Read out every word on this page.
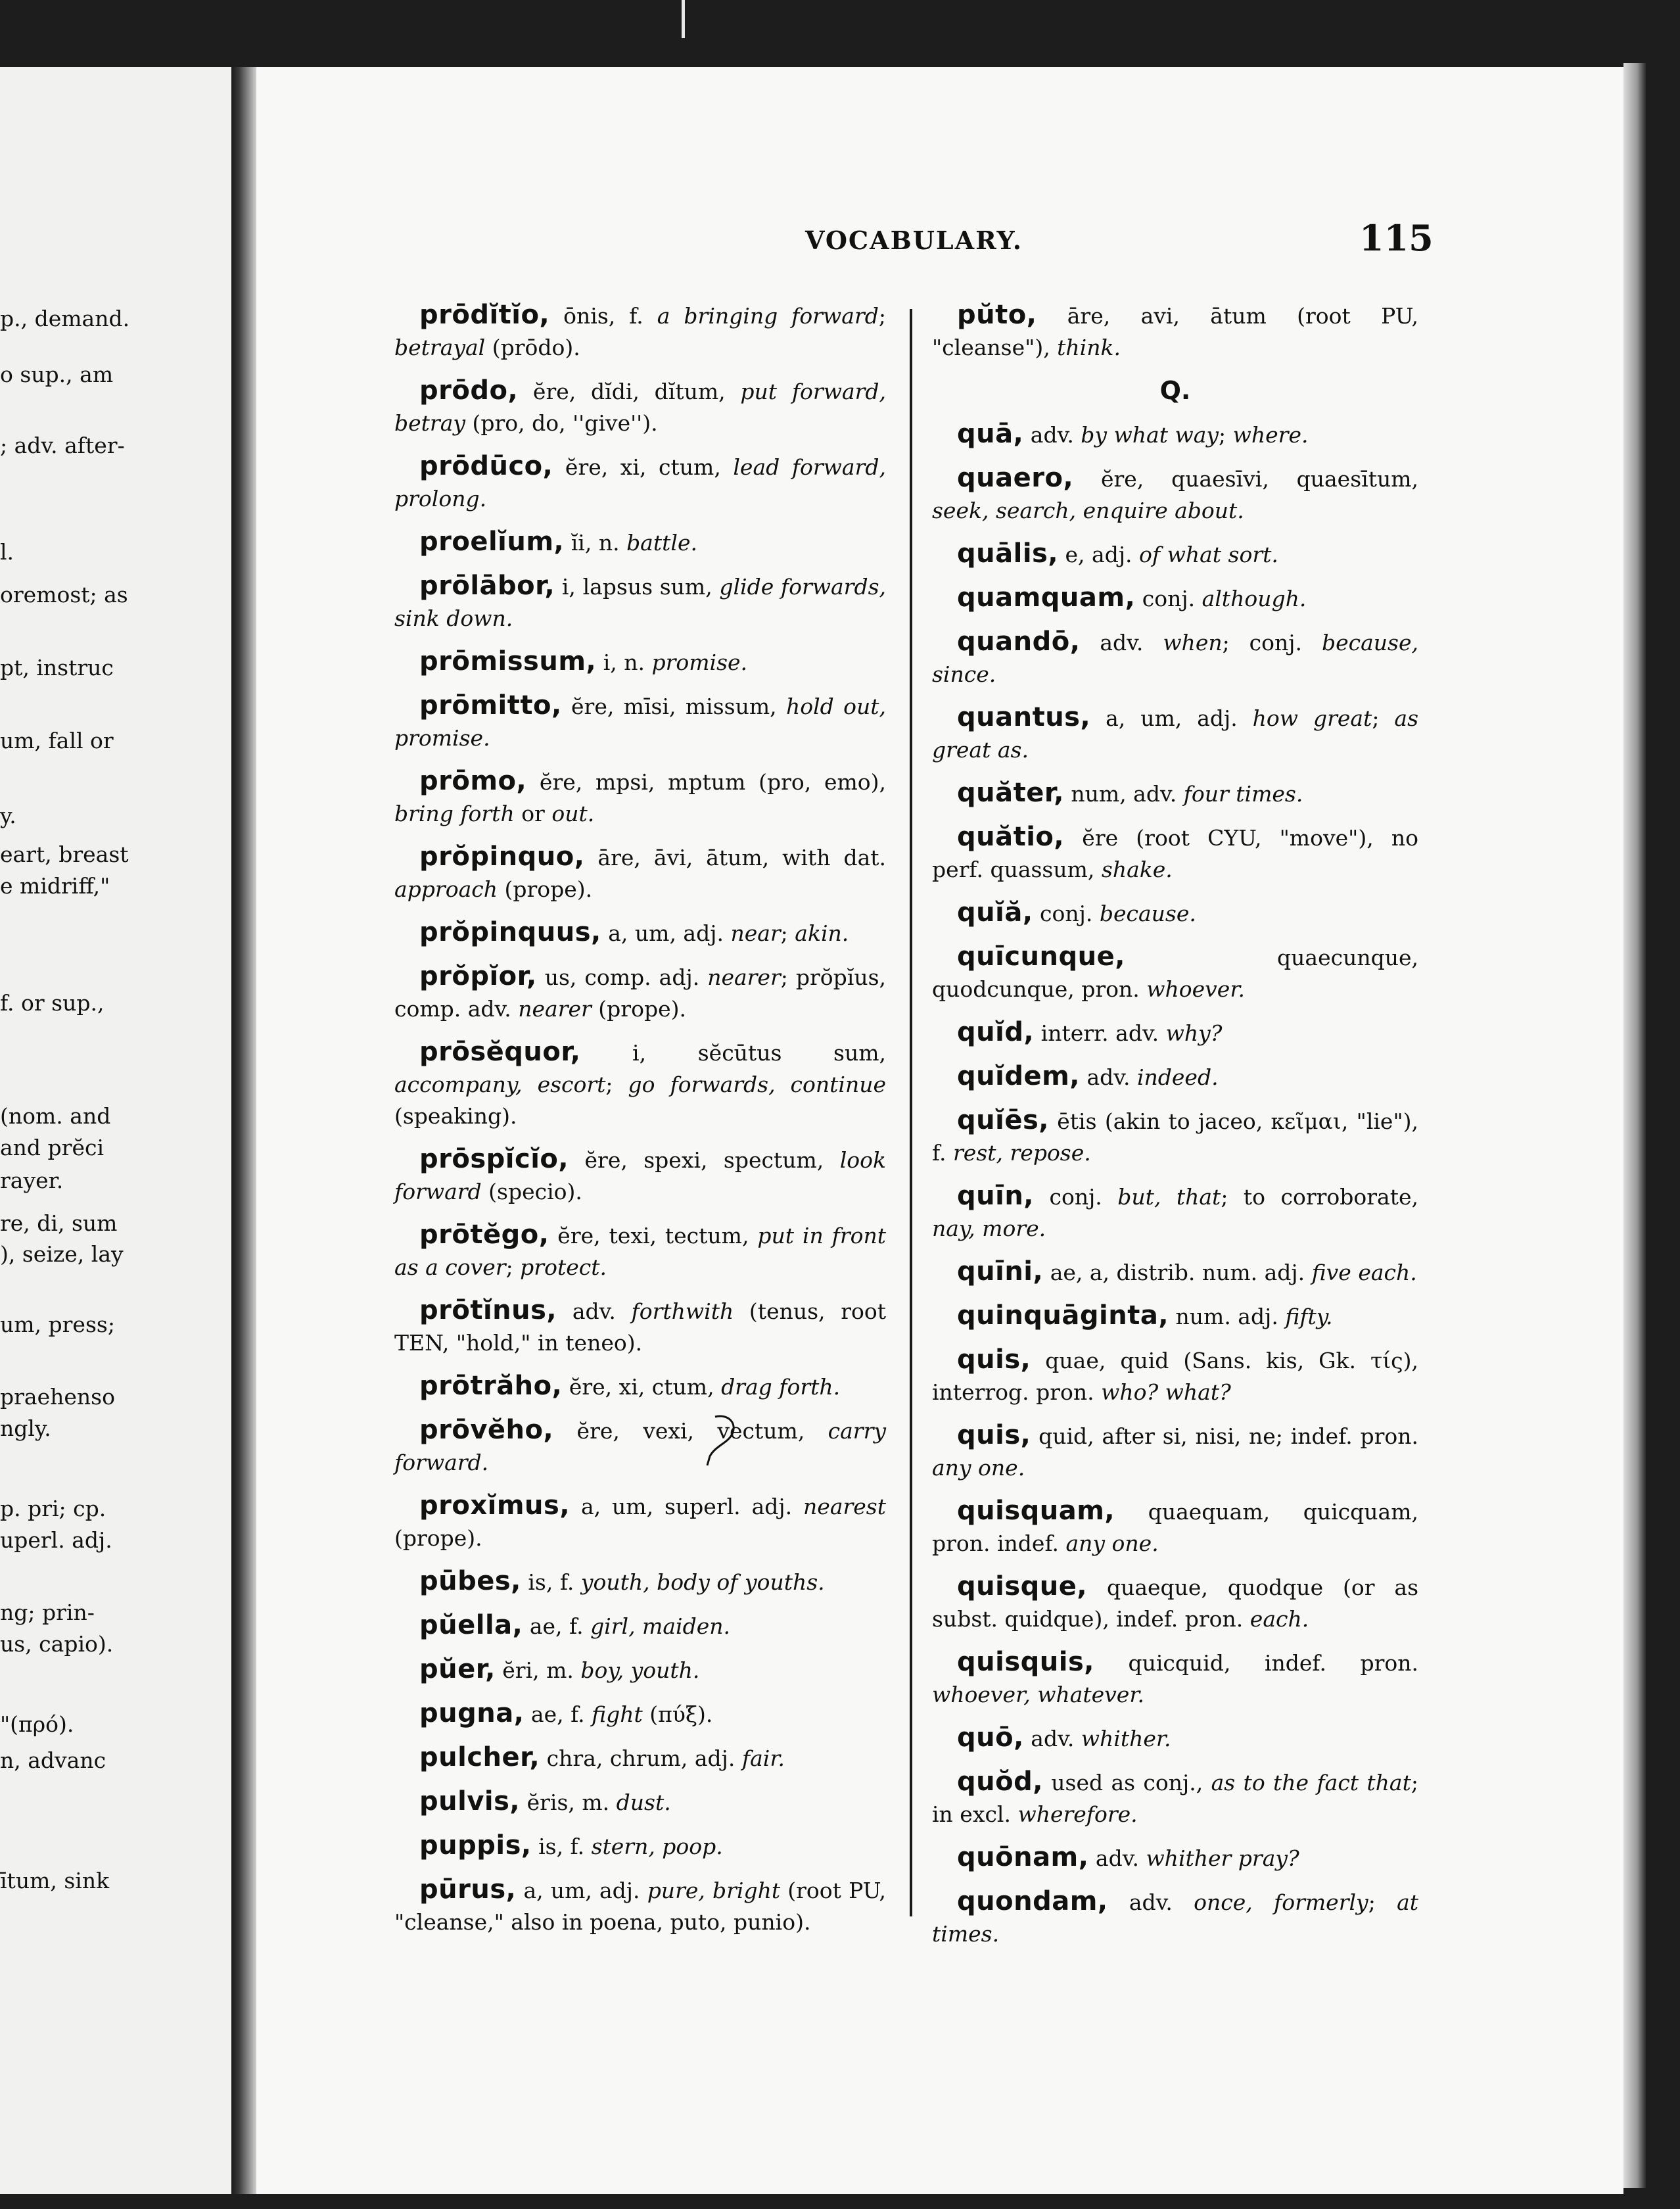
p., demand.
o sup., am
; adv. after-
l.
oremost; as
pt, instruc
um, fall or
y.
eart, breast
e midriff,"
f. or sup.,
(nom. and
and prĕci
rayer.
re, di, sum
), seize, lay
um, press;
praehenso
ngly.
p. pri; cp.
uperl. adj.
ng; prin-
us, capio).
"(πρό).
n, advanc
ītum, sink
VOCABULARY.	115
prōdĭtĭo, ōnis, f. a bringing forward; betrayal (prōdo).
prōdo, ĕre, dĭdi, dĭtum, put forward, betray (pro, do, ''give'').
prōdūco, ĕre, xi, ctum, lead forward, prolong.
proelĭum, ĭi, n. battle.
prōlābor, i, lapsus sum, glide forwards, sink down.
prōmissum, i, n. promise.
prōmitto, ĕre, mīsi, missum, hold out, promise.
prōmo, ĕre, mpsi, mptum (pro, emo), bring forth or out.
prŏpinquo, āre, āvi, ātum, with dat. approach (prope).
prŏpinquus, a, um, adj. near; akin.
prŏpĭor, us, comp. adj. nearer; prŏpĭus, comp. adv. nearer (prope).
prōsĕquor, i, sĕcūtus sum, accompany, escort; go forwards, continue (speaking).
prōspĭcĭo, ĕre, spexi, spectum, look forward (specio).
prōtĕgo, ĕre, texi, tectum, put in front as a cover; protect.
prōtĭnus, adv. forthwith (tenus, root TEN, "hold," in teneo).
prōtrăho, ĕre, xi, ctum, drag forth.
prōvĕho, ĕre, vexi, vectum, carry forward.
proxĭmus, a, um, superl. adj. nearest (prope).
pūbes, is, f. youth, body of youths.
pŭella, ae, f. girl, maiden.
pŭer, ĕri, m. boy, youth.
pugna, ae, f. fight (πύξ).
pulcher, chra, chrum, adj. fair.
pulvis, ĕris, m. dust.
puppis, is, f. stern, poop.
pūrus, a, um, adj. pure, bright (root PU, "cleanse," also in poena, puto, punio).
pŭto, āre, avi, ātum (root PU, "cleanse"), think.
Q.
quā, adv. by what way; where.
quaero, ĕre, quaesīvi, quaesītum, seek, search, enquire about.
quālis, e, adj. of what sort.
quamquam, conj. although.
quandō, adv. when; conj. because, since.
quantus, a, um, adj. how great; as great as.
quăter, num, adv. four times.
quătio, ĕre (root CYU, "move"), no perf. quassum, shake.
quĭă, conj. because.
quīcunque, quaecunque, quodcunque, pron. whoever.
quĭd, interr. adv. why?
quĭdem, adv. indeed.
quĭēs, ētis (akin to jaceo, κεῖμαι, "lie"), f. rest, repose.
quīn, conj. but, that; to corroborate, nay, more.
quīni, ae, a, distrib. num. adj. five each.
quinquāginta, num. adj. fifty.
quis, quae, quid (Sans. kis, Gk. τίς), interrog. pron. who? what?
quis, quid, after si, nisi, ne; indef. pron. any one.
quisquam, quaequam, quicquam, pron. indef. any one.
quisque, quaeque, quodque (or as subst. quidque), indef. pron. each.
quisquis, quicquid, indef. pron. whoever, whatever.
quō, adv. whither.
quŏd, used as conj., as to the fact that; in excl. wherefore.
quōnam, adv. whither pray?
quondam, adv. once, formerly; at times.
